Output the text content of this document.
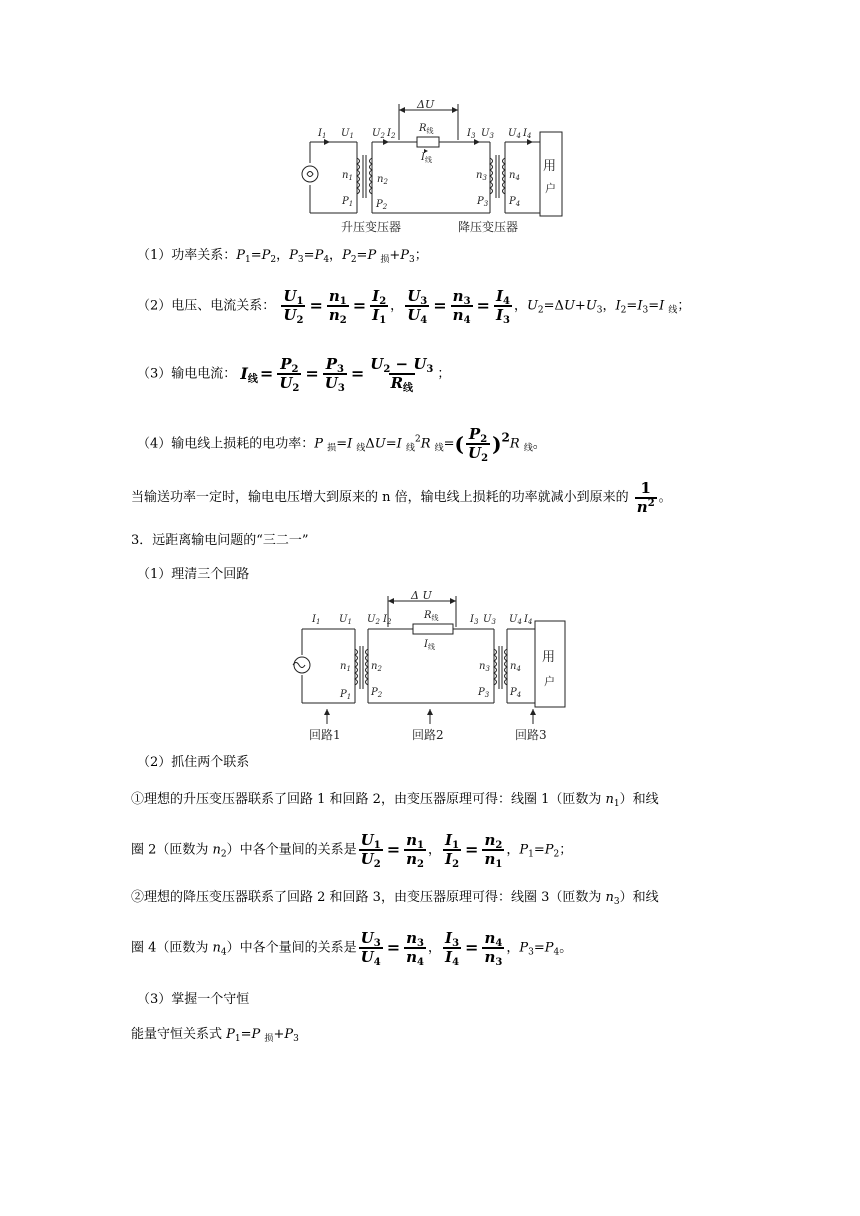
$I_1$ $U_1$ $U_2$ $I_2$
ΔU
$R_线$
$I_线$
$I_3$ $U_3$ $U_4$ $I_4$
$n_1$ $n_2$
$n_3$ $n_4$
$P_1$ $P_2$	$P_3$ $P_4$
用
户
升压变压器	降压变压器
（1）功率关系：$P_1=P_2$，$P_3=P_4$，$P_2=P$ $_损+P_3$；
（2）电压、电流关系： $\frac{U_1}{U_2} = \frac{n_1}{n_2} = \frac{I_2}{I_1}$ ， $\frac{U_3}{U_4} = \frac{n_3}{n_4} = \frac{I_4}{I_3}$ ，$U_2=\Delta U+U_3$，$I_2=I_3=I$ $_线$；
（3）输电电流： $I_线 = \frac{P_2}{U_2} = \frac{P_3}{U_3} = \frac{U_2 - U_3}{R_线}$ ；
（4）输电线上损耗的电功率：P $_损$=I $_线$ΔU=I $_线^2$R $_线=( \frac{P_2}{U_2} )^2R$ $_线$。
当输送功率一定时，输电电压增大到原来的 n 倍，输电线上损耗的功率就减小到原来的 $\frac{1}{n^2}$ 。
3．远距离输电问题的“三二一”
（1）理清三个回路
$I_1$ $U_1$ $U_2$ $I_2$
Δ U
$R_线$
$I_线$
$I_3$ $U_3$ $U_4$ $I_4$
$n_1$ $n_2$	$n_3$ $n_4$
$P_1$ $P_2$	$P_3$ $P_4$
用
户
回路1	回路2	回路3
（2）抓住两个联系
①理想的升压变压器联系了回路 1 和回路 2，由变压器原理可得：线圈 1（匝数为 $n_1$）和线
圈 2（匝数为 $n_2$）中各个量间的关系是 $\frac{U_1}{U_2} = \frac{n_1}{n_2}$ ， $\frac{I_1}{I_2} = \frac{n_2}{n_1}$ ，$P_1=P_2$；
②理想的降压变压器联系了回路 2 和回路 3，由变压器原理可得：线圈 3（匝数为 $n_3$）和线
圈 4（匝数为 $n_4$）中各个量间的关系是 $\frac{U_3}{U_4} = \frac{n_3}{n_4}$ ， $\frac{I_3}{I_4} = \frac{n_4}{n_3}$ ，$P_3=P_4$。
（3）掌握一个守恒
能量守恒关系式 $P_1=P$ $_损+P_3$
